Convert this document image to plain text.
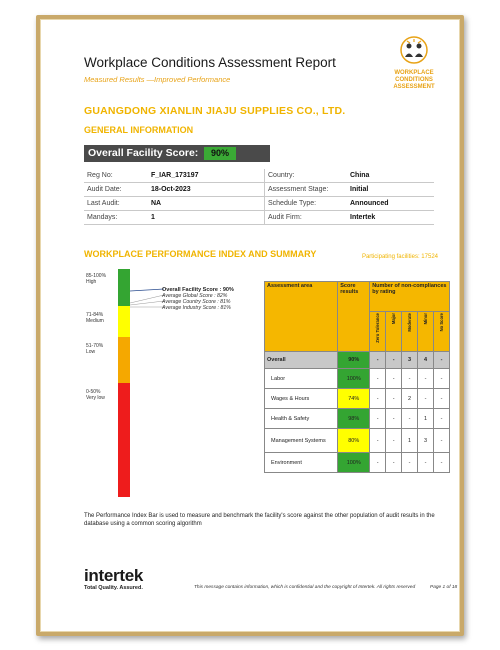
Workplace Conditions Assessment Report
Measured Results —Improved Performance
WORKPLACE
CONDITIONS
ASSESSMENT
GUANGDONG XIANLIN JIAJU SUPPLIES CO., LTD.
GENERAL INFORMATION
Overall Facility Score:	90%
Reg No:	F_IAR_173197	Country:	China
Audit Date:	18-Oct-2023	Assessment Stage:	Initial
Last Audit:	NA	Schedule Type:	Announced
Mandays:	1	Audit Firm:	Intertek
WORKPLACE PERFORMANCE INDEX AND SUMMARY	Participating facilities: 17524
85-100%
High
71-84%
Medium
51-70%
Low
0-50%
Very low
Overall Facility Score : 90%
Average Global Score : 82%
Average Country Score : 81%
Average Industry Score : 81%
Assessment area	Score results	Number of non-compliances by rating				
		Zero Tolerance	Major	Moderate	Minor	No Score
Overall	90%	-	-	3	4	-
Labor	100%	-	-	-	-	-
Wages & Hours	74%	-	-	2	-	-
Health & Safety	98%	-	-	-	1	-
Management Systems	80%	-	-	1	3	-
Environment	100%	-	-	-	-	-
The Performance Index Bar is used to measure and benchmark the facility's score against the other population of audit results in the database using a common scoring algorithm
intertek
Total Quality. Assured.	This message contains information, which is confidential and the copyright of Intertek. All rights reserved	Page 1 of 18
